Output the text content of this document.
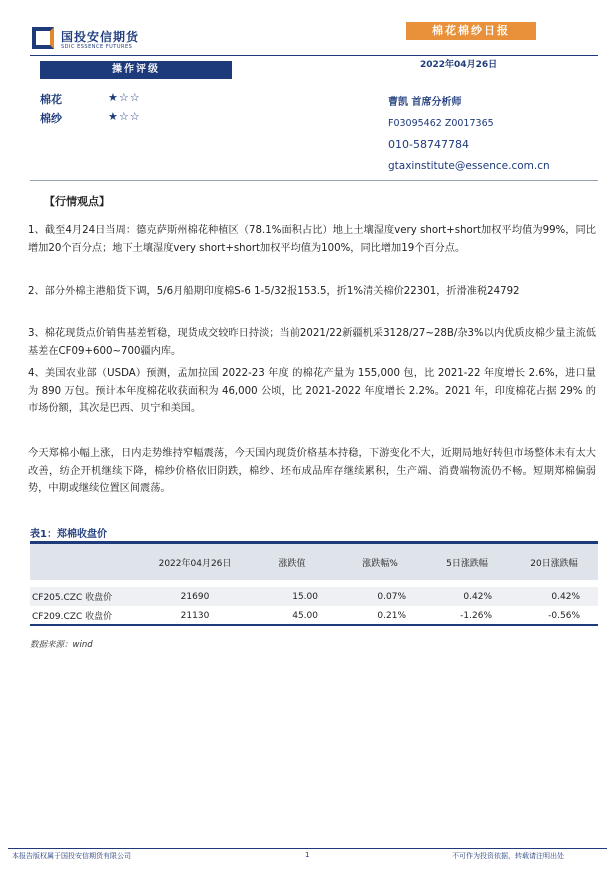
国投安信期货
SDIC ESSENCE FUTURES
棉花棉纱日报
2022年04月26日
操作评级
棉花	★☆☆
棉纱	★☆☆
曹凯 首席分析师
F03095462 Z0017365
010-58747784
gtaxinstitute@essence.com.cn
【行情观点】

1、截至4月24日当周：德克萨斯州棉花种植区（78.1%面积占比）地上土壤湿度very short+short加权平均值为99%，同比增加20个百分点；地下土壤湿度very short+short加权平均值为100%，同比增加19个百分点。

2、部分外棉主港船货下调，5/6月船期印度棉S-6 1-5/32报153.5，折1%清关棉价22301，折滑准税24792

3、棉花现货点价销售基差暂稳，现货成交较昨日持淡；当前2021/22新疆机采3128/27~28B/杂3%以内优质皮棉少量主流低基差在CF09+600~700疆内库。

4、美国农业部（USDA）预测，孟加拉国 2022-23 年度 的棉花产量为 155,000 包，比 2021-22 年度增长 2.6%，进口量为 890 万包。预计本年度棉花收获面积为 46,000 公顷，比 2021-2022 年度增长 2.2%。2021 年，印度棉花占据 29% 的市场份额，其次是巴西、贝宁和美国。

今天郑棉小幅上涨，日内走势维持窄幅震荡，今天国内现货价格基本持稳，下游变化不大，近期局地好转但市场整体未有太大改善，纺企开机继续下降，棉纱价格依旧阴跌，棉纱、坯布成品库存继续累积，生产端、消费端物流仍不畅。短期郑棉偏弱势，中期或继续位置区间震荡。

表1：郑棉收盘价
	2022年04月26日	涨跌值	涨跌幅%	5日涨跌幅	20日涨跌幅

CF205.CZC 收盘价	21690	15.00	0.07%	0.42%	0.42%
CF209.CZC 收盘价	21130	45.00	0.21%	-1.26%	-0.56%
数据来源：wind
本报告版权属于国投安信期货有限公司	1	不可作为投资依据，转载请注明出处
